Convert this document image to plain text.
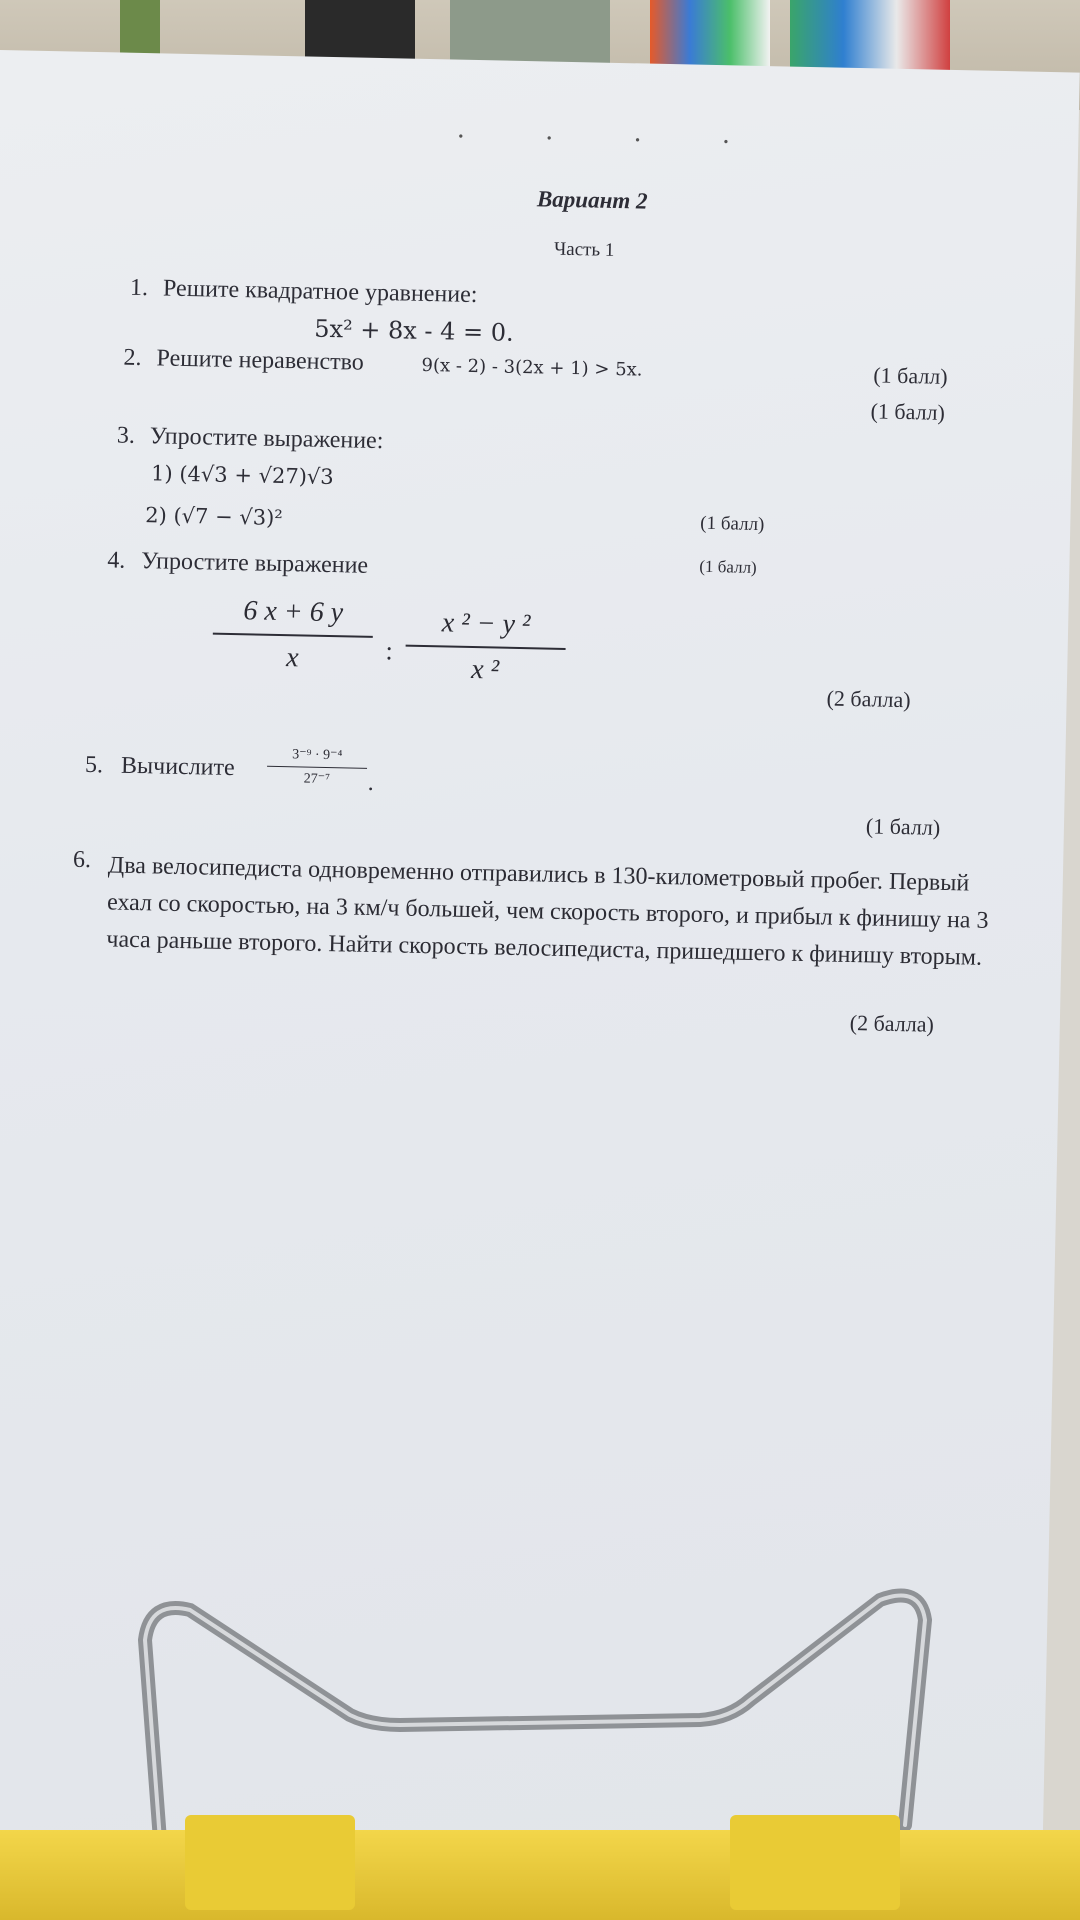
• • • •
Вариант 2
Часть 1
1. Решите квадратное уравнение:
5x² + 8x - 4 = 0.
(1 балл)
2. Решите неравенство	9(x - 2) - 3(2x + 1) > 5x.
(1 балл)
3. Упростите выражение:
1) (4√3 + √27)√3
2) (√7 − √3)²	(1 балл)
4. Упростите выражение	(1 балл)
6 x + 6 y
x	:
x ² − y ²
x ²
(2 балла)
5. Вычислите	3⁻⁹ · 9⁻⁴
27⁻⁷	.
(1 балл)
6. Два велосипедиста одновременно отправились в 130-километровый пробег. Первый ехал со скоростью, на 3 км/ч большей, чем скорость второго, и прибыл к финишу на 3 часа раньше второго. Найти скорость велосипедиста, пришедшего к финишу вторым.
(2 балла)
